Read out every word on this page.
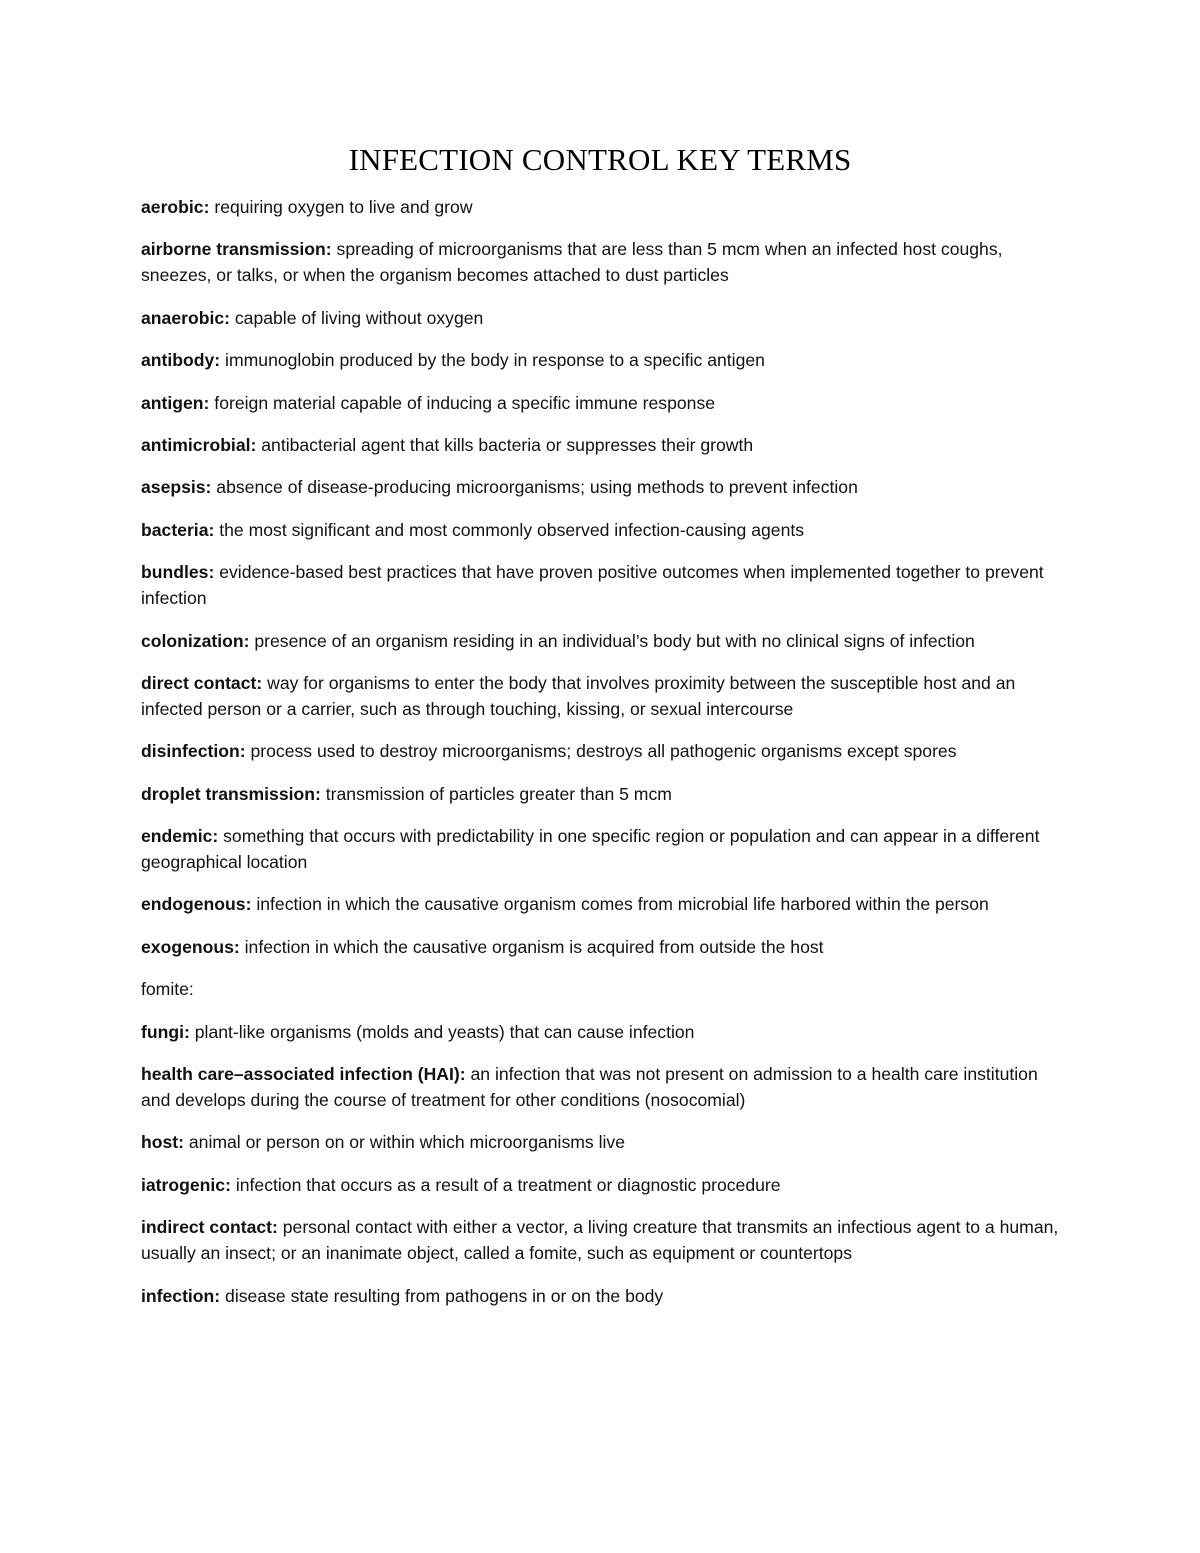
INFECTION CONTROL KEY TERMS
aerobic: requiring oxygen to live and grow
airborne transmission: spreading of microorganisms that are less than 5 mcm when an infected host coughs, sneezes, or talks, or when the organism becomes attached to dust particles
anaerobic: capable of living without oxygen
antibody: immunoglobin produced by the body in response to a specific antigen
antigen: foreign material capable of inducing a specific immune response
antimicrobial: antibacterial agent that kills bacteria or suppresses their growth
asepsis: absence of disease-producing microorganisms; using methods to prevent infection
bacteria: the most significant and most commonly observed infection-causing agents
bundles: evidence-based best practices that have proven positive outcomes when implemented together to prevent infection
colonization: presence of an organism residing in an individual’s body but with no clinical signs of infection
direct contact: way for organisms to enter the body that involves proximity between the susceptible host and an infected person or a carrier, such as through touching, kissing, or sexual intercourse
disinfection: process used to destroy microorganisms; destroys all pathogenic organisms except spores
droplet transmission: transmission of particles greater than 5 mcm
endemic: something that occurs with predictability in one specific region or population and can appear in a different geographical location
endogenous: infection in which the causative organism comes from microbial life harbored within the person
exogenous: infection in which the causative organism is acquired from outside the host
fomite:
fungi: plant-like organisms (molds and yeasts) that can cause infection
health care–associated infection (HAI): an infection that was not present on admission to a health care institution and develops during the course of treatment for other conditions (nosocomial)
host: animal or person on or within which microorganisms live
iatrogenic: infection that occurs as a result of a treatment or diagnostic procedure
indirect contact: personal contact with either a vector, a living creature that transmits an infectious agent to a human, usually an insect; or an inanimate object, called a fomite, such as equipment or countertops
infection: disease state resulting from pathogens in or on the body
